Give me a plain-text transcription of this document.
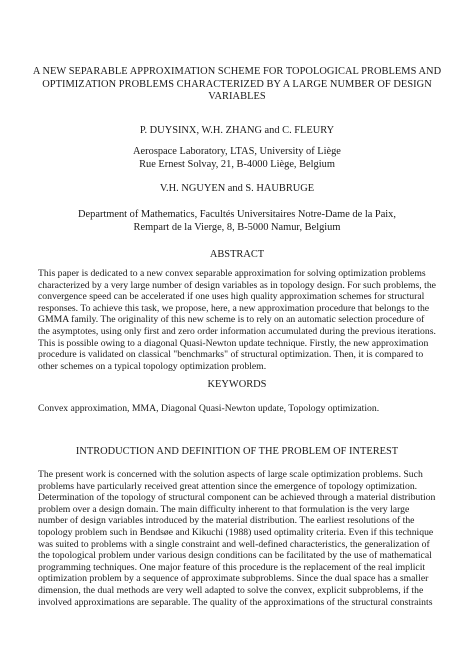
A NEW SEPARABLE APPROXIMATION SCHEME FOR TOPOLOGICAL PROBLEMS AND
OPTIMIZATION PROBLEMS CHARACTERIZED BY A LARGE NUMBER OF DESIGN
VARIABLES
P. DUYSINX, W.H. ZHANG and C. FLEURY
Aerospace Laboratory, LTAS, University of Liège
Rue Ernest Solvay, 21, B-4000 Liège, Belgium
V.H. NGUYEN and S. HAUBRUGE
Department of Mathematics, Facultés Universitaires Notre-Dame de la Paix,
Rempart de la Vierge, 8, B-5000 Namur, Belgium
ABSTRACT
This paper is dedicated to a new convex separable approximation for solving optimization problems
characterized by a very large number of design variables as in topology design. For such problems, the
convergence speed can be accelerated if one uses high quality approximation schemes for structural
responses. To achieve this task, we propose, here, a new approximation procedure that belongs to the
GMMA family. The originality of this new scheme is to rely on an automatic selection procedure of
the asymptotes, using only first and zero order information accumulated during the previous iterations.
This is possible owing to a diagonal Quasi-Newton update technique. Firstly, the new approximation
procedure is validated on classical "benchmarks" of structural optimization. Then, it is compared to
other schemes on a typical topology optimization problem.
KEYWORDS
Convex approximation, MMA, Diagonal Quasi-Newton update, Topology optimization.
INTRODUCTION AND DEFINITION OF THE PROBLEM OF INTEREST
The present work is concerned with the solution aspects of large scale optimization problems. Such
problems have particularly received great attention since the emergence of topology optimization.
Determination of the topology of structural component can be achieved through a material distribution
problem over a design domain. The main difficulty inherent to that formulation is the very large
number of design variables introduced by the material distribution. The earliest resolutions of the
topology problem such in Bendsøe and Kikuchi (1988) used optimality criteria. Even if this technique
was suited to problems with a single constraint and well-defined characteristics, the generalization of
the topological problem under various design conditions can be facilitated by the use of mathematical
programming techniques. One major feature of this procedure is the replacement of the real implicit
optimization problem by a sequence of approximate subproblems. Since the dual space has a smaller
dimension, the dual methods are very well adapted to solve the convex, explicit subproblems, if the
involved approximations are separable. The quality of the approximations of the structural constraints
